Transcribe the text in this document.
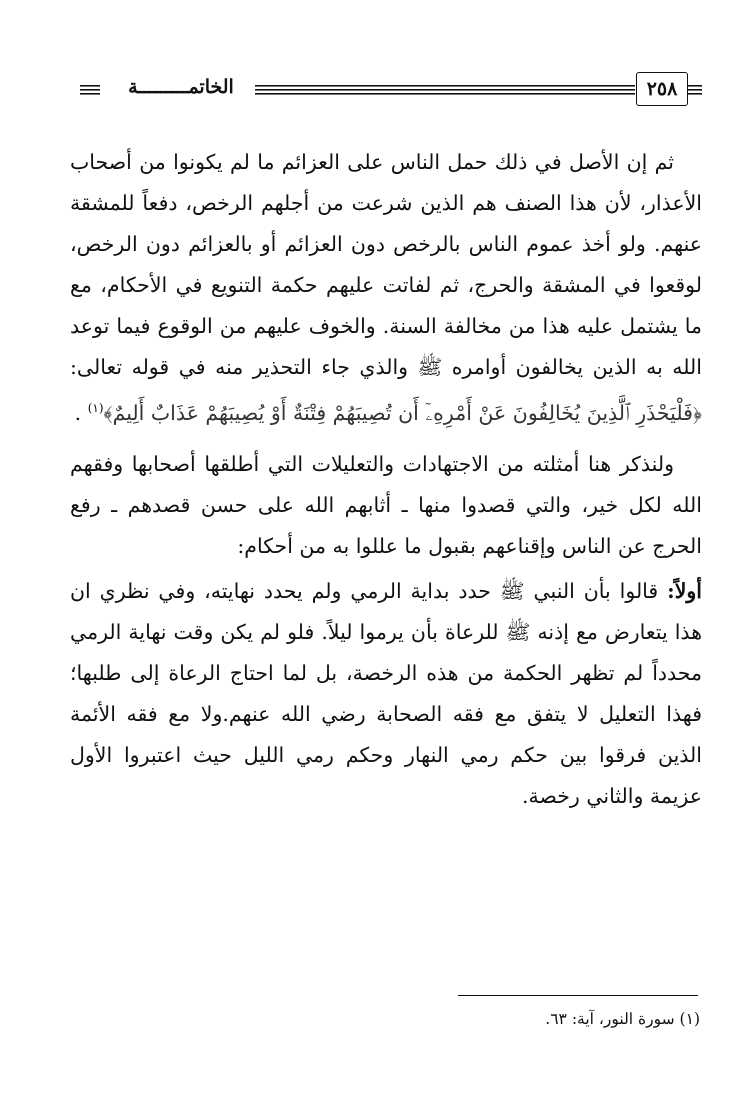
الخاتمـــــــــة	٢٥٨

ثم إن الأصل في ذلك حمل الناس على العزائم ما لم يكونوا من أصحاب الأعذار، لأن هذا الصنف هم الذين شرعت من أجلهم الرخص، دفعاً للمشقة عنهم. ولو أخذ عموم الناس بالرخص دون العزائم أو بالعزائم دون الرخص، لوقعوا في المشقة والحرج، ثم لفاتت عليهم حكمة التنويع في الأحكام، مع ما يشتمل عليه هذا من مخالفة السنة. والخوف عليهم من الوقوع فيما توعد الله به الذين يخالفون أوامره ﷺ والذي جاء التحذير منه في قوله تعالى: ﴿فَلْيَحْذَرِ ٱلَّذِينَ يُخَالِفُونَ عَنْ أَمْرِهِۦٓ أَن تُصِيبَهُمْ فِتْنَةٌ أَوْ يُصِيبَهُمْ عَذَابٌ أَلِيمٌ﴾$^{(١)}$ .

ولنذكر هنا أمثلته من الاجتهادات والتعليلات التي أطلقها أصحابها وفقهم الله لكل خير، والتي قصدوا منها ـ أثابهم الله على حسن قصدهم ـ رفع الحرج عن الناس وإقناعهم بقبول ما عللوا به من أحكام:

أولاً: قالوا بأن النبي ﷺ حدد بداية الرمي ولم يحدد نهايته، وفي نظري ان هذا يتعارض مع إذنه ﷺ للرعاة بأن يرموا ليلاً. فلو لم يكن وقت نهاية الرمي محدداً لم تظهر الحكمة من هذه الرخصة، بل لما احتاج الرعاة إلى طلبها؛ فهذا التعليل لا يتفق مع فقه الصحابة رضي الله عنهم.ولا مع فقه الأئمة الذين فرقوا بين حكم رمي النهار وحكم رمي الليل حيث اعتبروا الأول عزيمة والثاني رخصة.

(١) سورة النور، آية: ٦٣.
